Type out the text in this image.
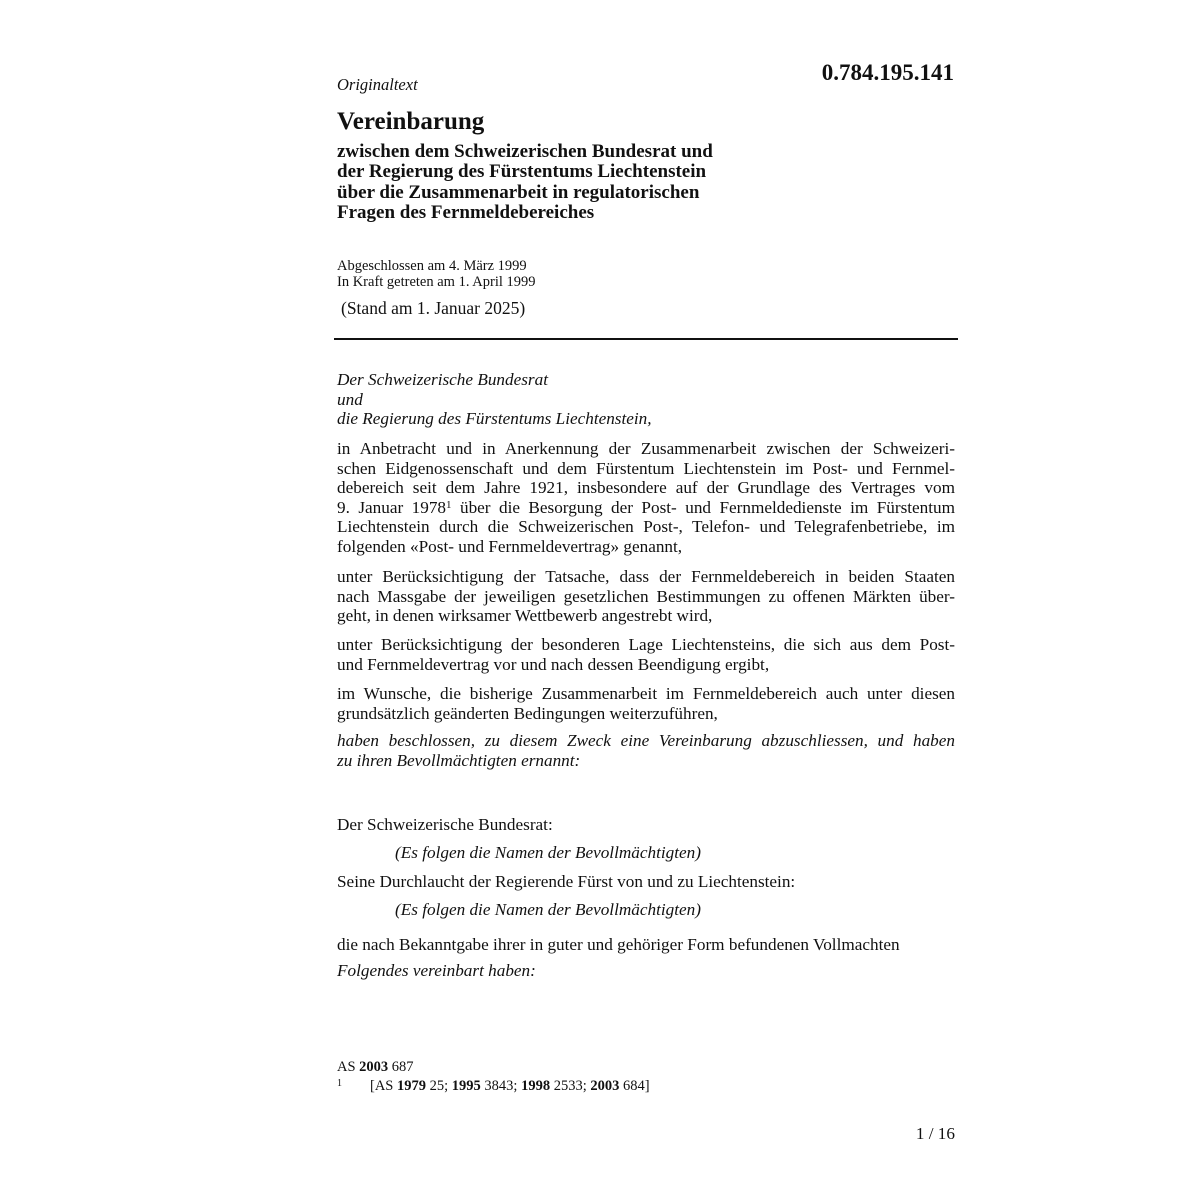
Originaltext	0.784.195.141
Vereinbarung
zwischen dem Schweizerischen Bundesrat und
der Regierung des Fürstentums Liechtenstein
über die Zusammenarbeit in regulatorischen
Fragen des Fernmeldebereiches
Abgeschlossen am 4. März 1999
In Kraft getreten am 1. April 1999
(Stand am 1. Januar 2025)
Der Schweizerische Bundesrat
und
die Regierung des Fürstentums Liechtenstein,
in Anbetracht und in Anerkennung der Zusammenarbeit zwischen der Schweizeri-
schen Eidgenossenschaft und dem Fürstentum Liechtenstein im Post- und Fernmel-
debereich seit dem Jahre 1921, insbesondere auf der Grundlage des Vertrages vom
9. Januar 1978$^1$ über die Besorgung der Post- und Fernmeldedienste im Fürstentum
Liechtenstein durch die Schweizerischen Post-, Telefon- und Telegrafenbetriebe, im
folgenden «Post- und Fernmeldevertrag» genannt,
unter Berücksichtigung der Tatsache, dass der Fernmeldebereich in beiden Staaten
nach Massgabe der jeweiligen gesetzlichen Bestimmungen zu offenen Märkten über-
geht, in denen wirksamer Wettbewerb angestrebt wird,
unter Berücksichtigung der besonderen Lage Liechtensteins, die sich aus dem Post-
und Fernmeldevertrag vor und nach dessen Beendigung ergibt,
im Wunsche, die bisherige Zusammenarbeit im Fernmeldebereich auch unter diesen
grundsätzlich geänderten Bedingungen weiterzuführen,
haben beschlossen, zu diesem Zweck eine Vereinbarung abzuschliessen, und haben
zu ihren Bevollmächtigten ernannt:
Der Schweizerische Bundesrat:
(Es folgen die Namen der Bevollmächtigten)
Seine Durchlaucht der Regierende Fürst von und zu Liechtenstein:
(Es folgen die Namen der Bevollmächtigten)
die nach Bekanntgabe ihrer in guter und gehöriger Form befundenen Vollmachten
Folgendes vereinbart haben:
AS 2003 687
$^1$ [AS 1979 25; 1995 3843; 1998 2533; 2003 684]
1 / 16
